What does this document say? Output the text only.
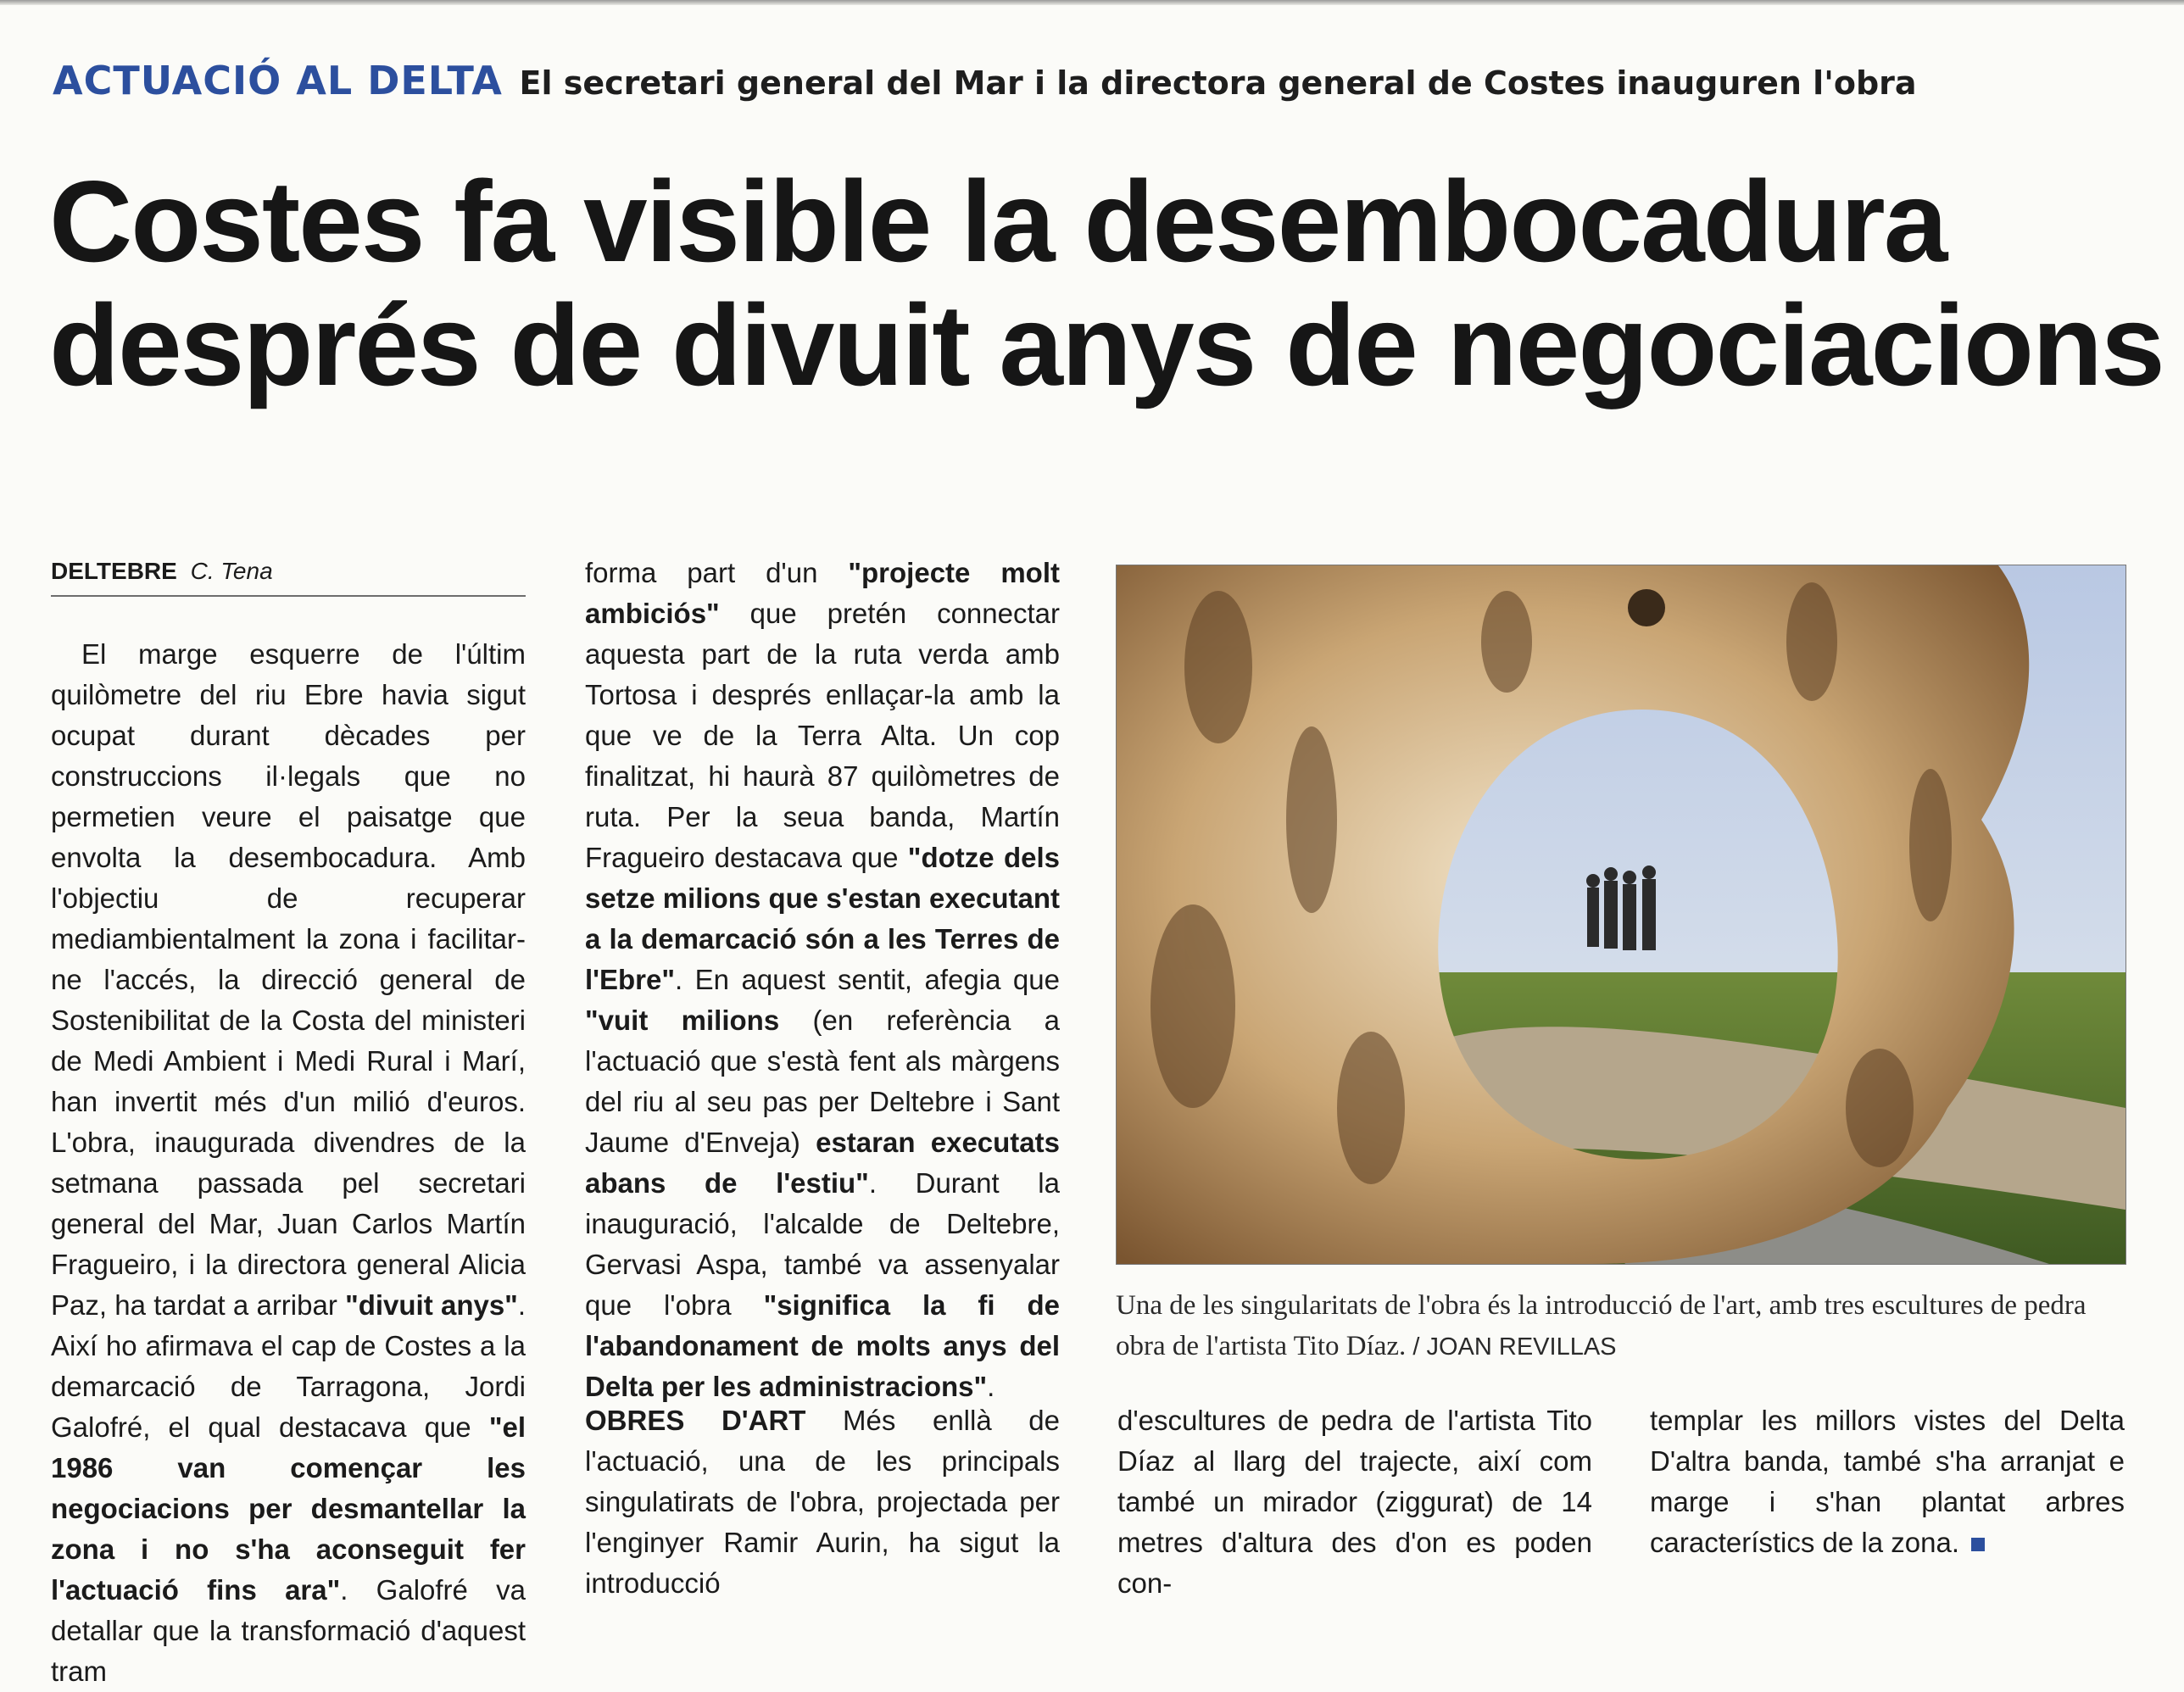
ACTUACIÓ AL DELTA El secretari general del Mar i la directora general de Costes inauguren l'obra
Costes fa visible la desembocadura
després de divuit anys de negociacions
DELTEBRE C. Tena

El marge esquerre de l'últim quilòmetre del riu Ebre havia sigut ocupat durant dècades per construccions il·legals que no permetien veure el paisatge que envolta la desembocadura. Amb l'objectiu de recuperar mediambientalment la zona i facilitar-ne l'accés, la direcció general de Sostenibilitat de la Costa del ministeri de Medi Ambient i Medi Rural i Marí, han invertit més d'un milió d'euros. L'obra, inaugurada divendres de la setmana passada pel secretari general del Mar, Juan Carlos Martín Fragueiro, i la directora general Alicia Paz, ha tardat a arribar "divuit anys". Així ho afirmava el cap de Costes a la demarcació de Tarragona, Jordi Galofré, el qual destacava que "el 1986 van començar les negociacions per desmantellar la zona i no s'ha aconseguit fer l'actuació fins ara". Galofré va detallar que la transformació d'aquest tram

forma part d'un "projecte molt ambiciós" que pretén connectar aquesta part de la ruta verda amb Tortosa i després enllaçar-la amb la que ve de la Terra Alta. Un cop finalitzat, hi haurà 87 quilòmetres de ruta. Per la seua banda, Martín Fragueiro destacava que "dotze dels setze milions que s'estan executant a la demarcació són a les Terres de l'Ebre". En aquest sentit, afegia que "vuit milions (en referència a l'actuació que s'està fent als màrgens del riu al seu pas per Deltebre i Sant Jaume d'Enveja) estaran executats abans de l'estiu". Durant la inauguració, l'alcalde de Deltebre, Gervasi Aspa, també va assenyalar que l'obra "significa la fi de l'abandonament de molts anys del Delta per les administracions".

OBRES D'ART Més enllà de l'actuació, una de les principals singulatirats de l'obra, projectada per l'enginyer Ramir Aurin, ha sigut la introducció

d'escultures de pedra de l'artista Tito Díaz al llarg del trajecte, així com també un mirador (ziggurat) de 14 metres d'altura des d'on es poden con-

templar les millors vistes del Delta D'altra banda, també s'ha arranjat e marge i s'han plantat arbres característics de la zona.

Una de les singularitats de l'obra és la introducció de l'art, amb tres escultures de pedra obra de l'artista Tito Díaz. / JOAN REVILLAS
